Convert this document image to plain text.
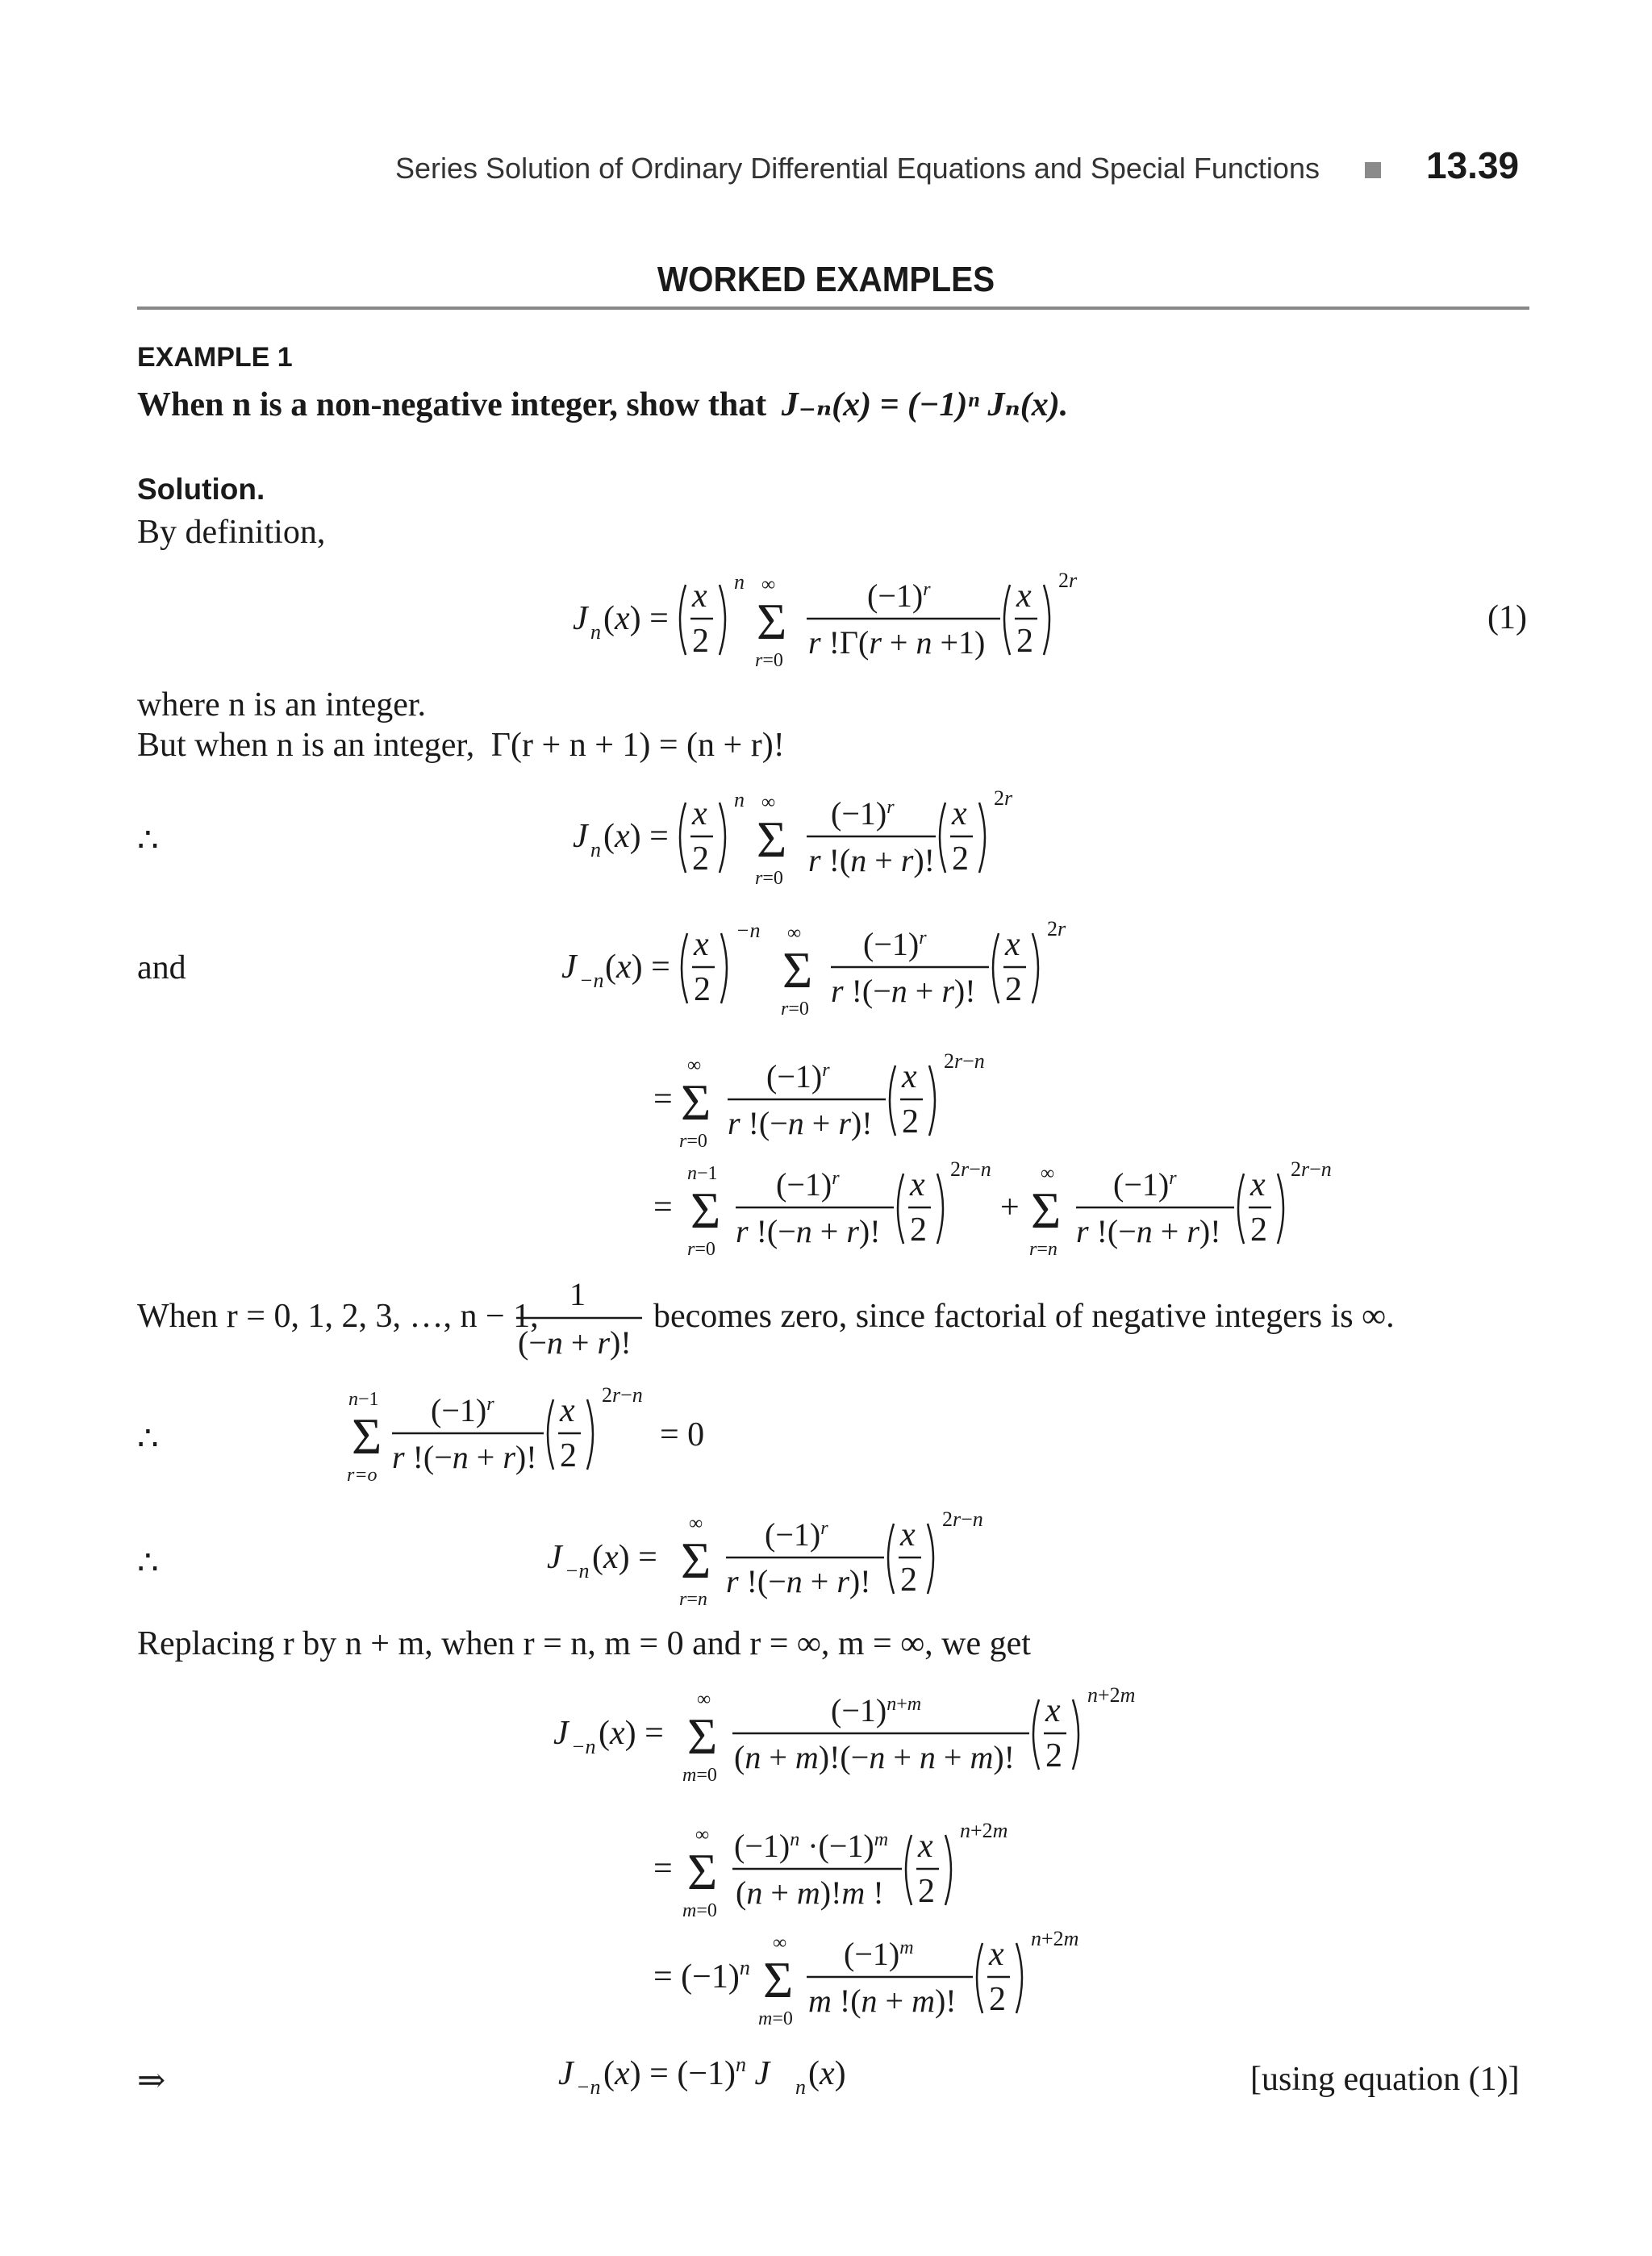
Series Solution of Ordinary Differential Equations and Special Functions	13.39
WORKED EXAMPLES
EXAMPLE 1
When n is a non-negative integer, show that J₋ₙ(x) = (−1)ⁿ Jₙ(x).
Solution.
By definition,
J n (x) =
x
2
n ∞
Σ
r=0
$(-1)^r$
r !Γ(r + n +1)
x
2
2r
(1)
where n is an integer.
But when n is an integer, Γ(r + n + 1) = (n + r)!
∴	J n (x) =
x
2
n ∞
Σ
r=0
$(-1)^r$
r !(n + r)!
x
2
2r
and	J −n (x) =
x
2
−n ∞
Σ
r=0
$(-1)^r$
r !(−n + r)!
x
2
2r
=
∞
Σ
r=0
$(-1)^r$
r !(−n + r)!
x
2
2r−n
=
n−1
Σ
r=0
$(-1)^r$
r !(−n + r)!
x
2
2r−n
+
∞
Σ
r=n
$(-1)^r$
r !(−n + r)!
x
2
2r−n
When r = 0, 1, 2, 3, …, n − 1,
1
(−n + r)!
becomes zero, since factorial of negative integers is ∞.
∴
n−1
Σ
r=o
$(-1)^r$
r !(−n + r)!
x
2
2r−n
= 0
∴	J −n (x) =
∞
Σ
r=n
$(-1)^r$
r !(−n + r)!
x
2
2r−n
Replacing r by n + m, when r = n, m = 0 and r = ∞, m = ∞, we get
J −n (x) =
∞
Σ
m=0
$(-1)^{n+m}$
(n + m)!(−n + n + m)!
x
2
n+2m
=
∞
Σ
m=0
$(-1)^n \cdot(-1)^m$
(n + m)!m !
x
2
n+2m
= $(-1)^n$
∞
Σ
m=0
$(-1)^m$
m !(n + m)!
x
2
n+2m
⇒	J −n $(x) = (-1)^n$ J n (x)	[using equation (1)]
